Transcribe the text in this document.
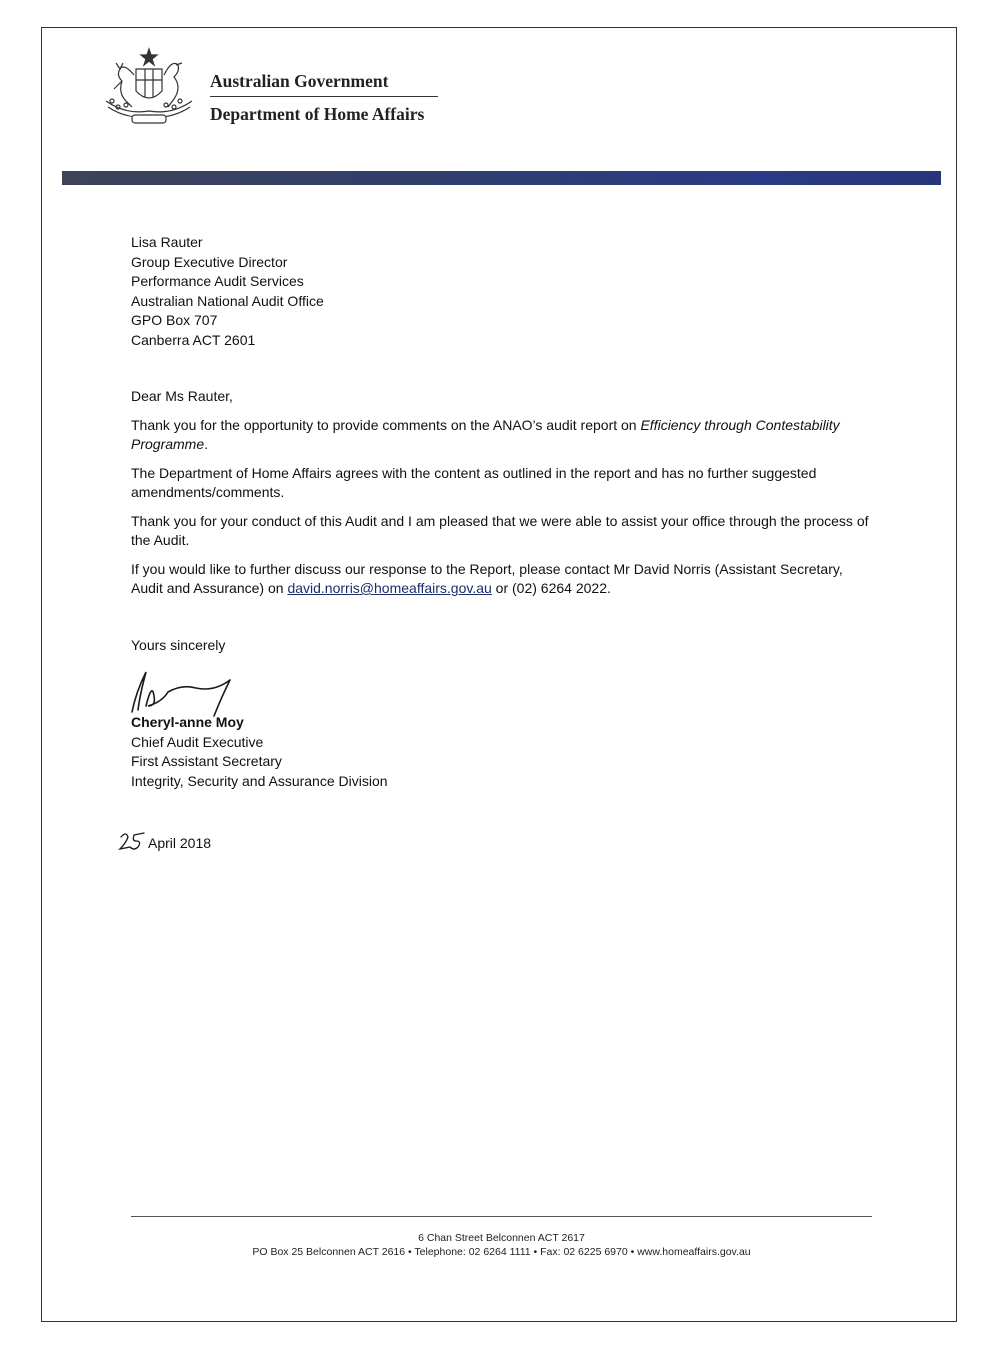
Australian Government
Department of Home Affairs
Lisa Rauter
Group Executive Director
Performance Audit Services
Australian National Audit Office
GPO Box 707
Canberra ACT 2601

Dear Ms Rauter,

Thank you for the opportunity to provide comments on the ANAO’s audit report on Efficiency through Contestability Programme.

The Department of Home Affairs agrees with the content as outlined in the report and has no further suggested amendments/comments.

Thank you for your conduct of this Audit and I am pleased that we were able to assist your office through the process of the Audit.

If you would like to further discuss our response to the Report, please contact Mr David Norris (Assistant Secretary, Audit and Assurance) on david.norris@homeaffairs.gov.au or (02) 6264 2022.

Yours sincerely
Cheryl-anne Moy
Chief Audit Executive
First Assistant Secretary
Integrity, Security and Assurance Division
April 2018
6 Chan Street Belconnen ACT 2617
PO Box 25 Belconnen ACT 2616 • Telephone: 02 6264 1111 • Fax: 02 6225 6970 • www.homeaffairs.gov.au
